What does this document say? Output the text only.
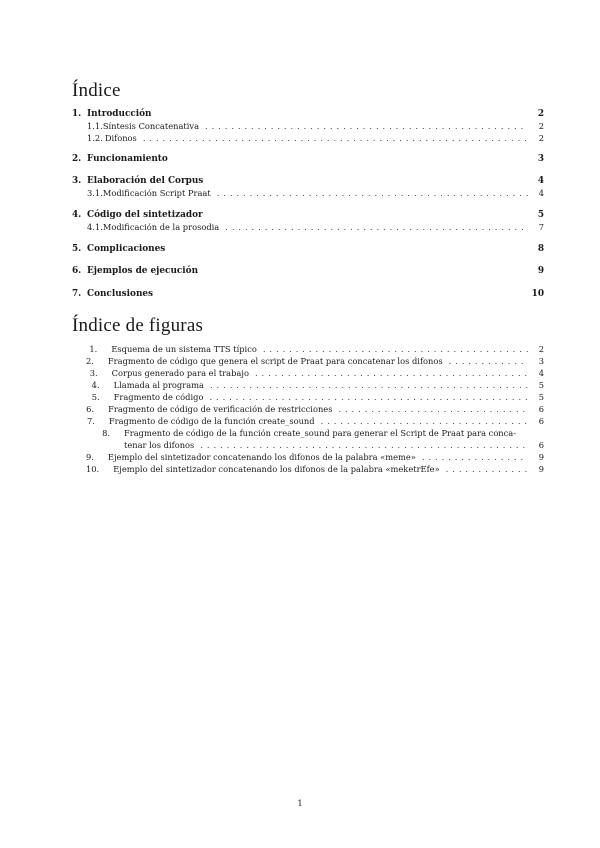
Índice
1. Introducción	2
1.1. Síntesis Concatenativa . . .	2
1.2. Difonos . . .	2
2. Funcionamiento	3
3. Elaboración del Corpus	4
3.1. Modificación Script Praat . . .	4
4. Código del sintetizador	5
4.1. Modificación de la prosodia . . .	7
5. Complicaciones	8
6. Ejemplos de ejecución	9
7. Conclusiones	10
Índice de figuras
1.	Esquema de un sistema TTS típico . . .	2
2.	Fragmento de código que genera el script de Praat para concatenar los difonos . . .	3
3.	Corpus generado para el trabajo . . .	4
4.	Llamada al programa . . .	5
5.	Fragmento de código . . .	5
6.	Fragmento de código de verificación de restricciones . . .	6
7.	Fragmento de código de la función create_sound . . .	6
8.	Fragmento de código de la función create_sound para generar el Script de Praat para conca-
tenar los difonos . . .	6
9.	Ejemplo del sintetizador concatenando los difonos de la palabra «meme» . . .	9
10.	Ejemplo del sintetizador concatenando los difonos de la palabra «meketrEfe» . . .	9
1
